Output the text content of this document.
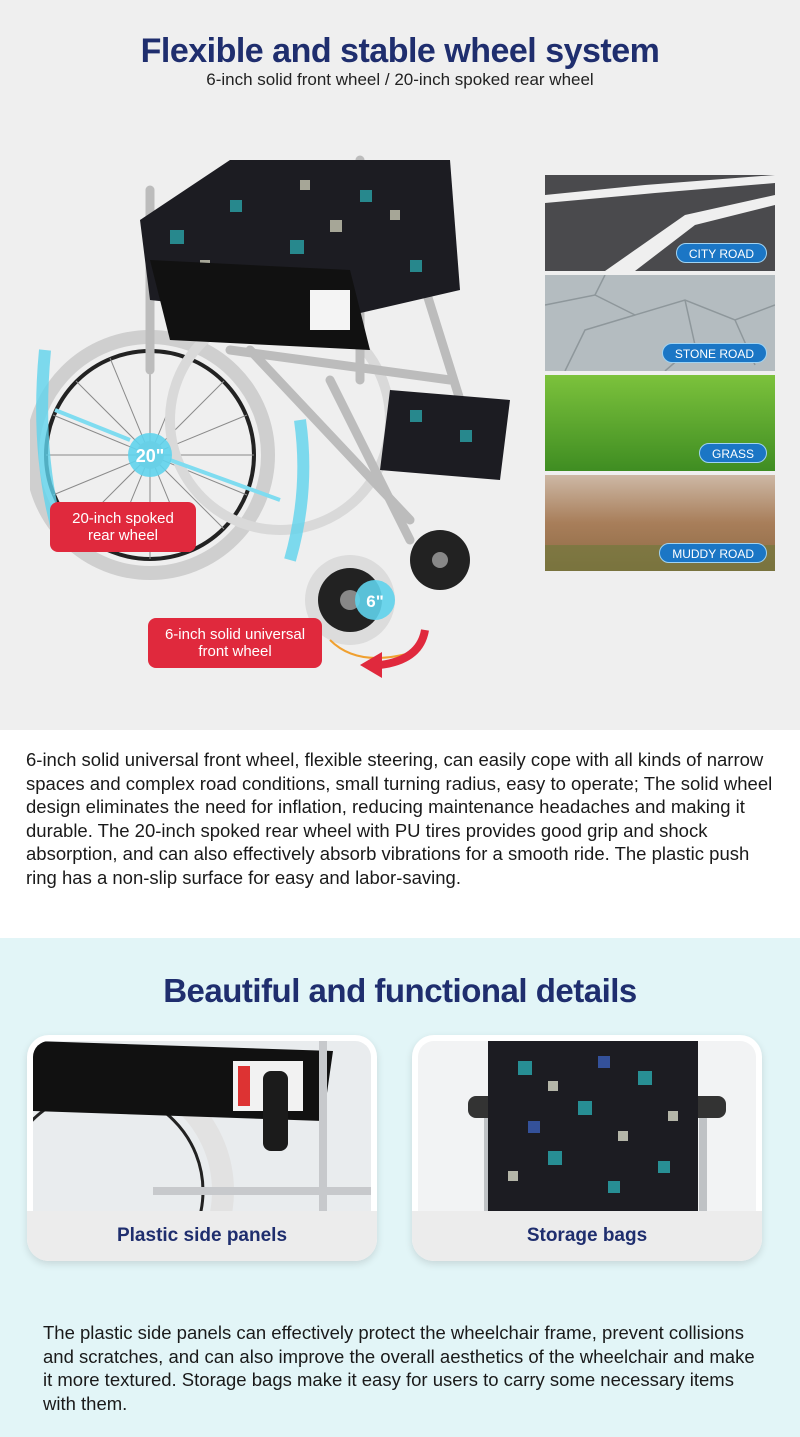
Flexible and stable wheel system
6-inch solid front wheel / 20-inch spoked rear wheel
20"
6"
20-inch spoked rear wheel
6-inch solid universal front wheel
CITY ROAD
STONE ROAD
GRASS
MUDDY ROAD
6-inch solid universal front wheel, flexible steering, can easily cope with all kinds of narrow spaces and complex road conditions, small turning radius, easy to operate; The solid wheel design eliminates the need for inflation, reducing maintenance headaches and making it durable. The 20-inch spoked rear wheel with PU tires provides good grip and shock absorption, and can also effectively absorb vibrations for a smooth ride. The plastic push ring has a non-slip surface for easy and labor-saving.
Beautiful and functional details
Plastic side panels	Storage bags
The plastic side panels can effectively protect the wheelchair frame, prevent collisions and scratches, and can also improve the overall aesthetics of the wheelchair and make it more textured. Storage bags make it easy for users to carry some necessary items with them.
